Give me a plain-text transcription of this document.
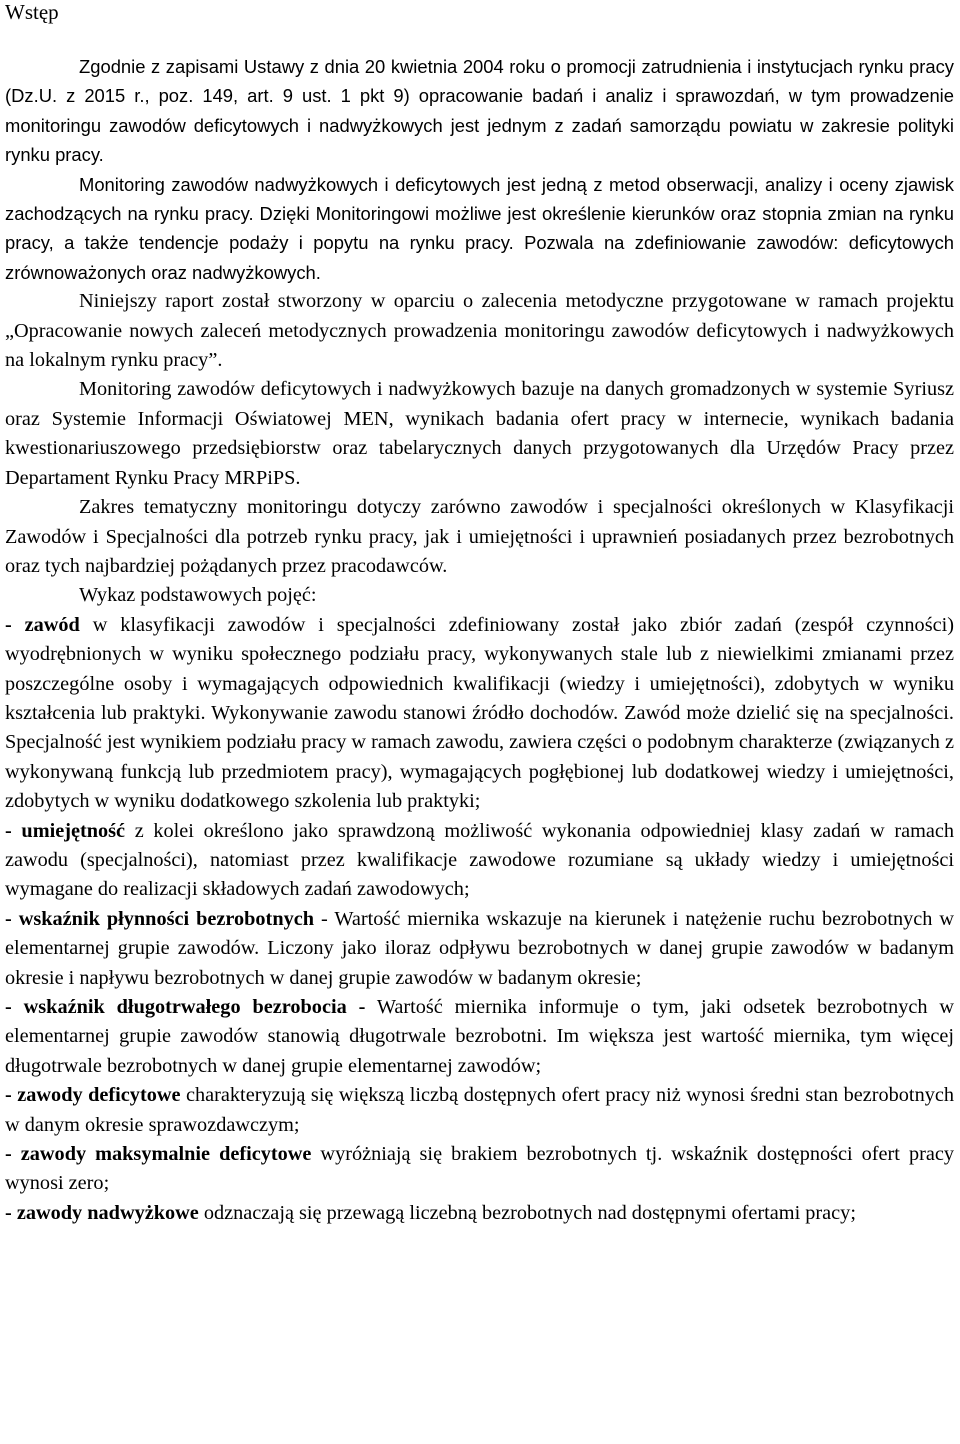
Wstęp

Zgodnie z zapisami Ustawy z dnia 20 kwietnia 2004 roku o promocji zatrudnienia i instytucjach rynku pracy (Dz.U. z 2015 r., poz. 149, art. 9 ust. 1 pkt 9) opracowanie badań i analiz i sprawozdań, w tym prowadzenie monitoringu zawodów deficytowych i nadwyżkowych jest jednym z zadań samorządu powiatu w zakresie polityki rynku pracy.

Monitoring zawodów nadwyżkowych i deficytowych jest jedną z metod obserwacji, analizy i oceny zjawisk zachodzących na rynku pracy. Dzięki Monitoringowi możliwe jest określenie kierunków oraz stopnia zmian na rynku pracy, a także tendencje podaży i popytu na rynku pracy. Pozwala na zdefiniowanie zawodów: deficytowych zrównoważonych oraz nadwyżkowych.

Niniejszy raport został stworzony w oparciu o zalecenia metodyczne przygotowane w ramach projektu „Opracowanie nowych zaleceń metodycznych prowadzenia monitoringu zawodów deficytowych i nadwyżkowych na lokalnym rynku pracy”.

Monitoring zawodów deficytowych i nadwyżkowych bazuje na danych gromadzonych w systemie Syriusz oraz Systemie Informacji Oświatowej MEN, wynikach badania ofert pracy w internecie, wynikach badania kwestionariuszowego przedsiębiorstw oraz tabelarycznych danych przygotowanych dla Urzędów Pracy przez Departament Rynku Pracy MRPiPS.

Zakres tematyczny monitoringu dotyczy zarówno zawodów i specjalności określonych w Klasyfikacji Zawodów i Specjalności dla potrzeb rynku pracy, jak i umiejętności i uprawnień posiadanych przez bezrobotnych oraz tych najbardziej pożądanych przez pracodawców.

Wykaz podstawowych pojęć:

- zawód w klasyfikacji zawodów i specjalności zdefiniowany został jako zbiór zadań (zespół czynności) wyodrębnionych w wyniku społecznego podziału pracy, wykonywanych stale lub z niewielkimi zmianami przez poszczególne osoby i wymagających odpowiednich kwalifikacji (wiedzy i umiejętności), zdobytych w wyniku kształcenia lub praktyki. Wykonywanie zawodu stanowi źródło dochodów. Zawód może dzielić się na specjalności. Specjalność jest wynikiem podziału pracy w ramach zawodu, zawiera części o podobnym charakterze (związanych z wykonywaną funkcją lub przedmiotem pracy), wymagających pogłębionej lub dodatkowej wiedzy i umiejętności, zdobytych w wyniku dodatkowego szkolenia lub praktyki;

- umiejętność z kolei określono jako sprawdzoną możliwość wykonania odpowiedniej klasy zadań w ramach zawodu (specjalności), natomiast przez kwalifikacje zawodowe rozumiane są układy wiedzy i umiejętności wymagane do realizacji składowych zadań zawodowych;

- wskaźnik płynności bezrobotnych - Wartość miernika wskazuje na kierunek i natężenie ruchu bezrobotnych w elementarnej grupie zawodów. Liczony jako iloraz odpływu bezrobotnych w danej grupie zawodów w badanym okresie i napływu bezrobotnych w danej grupie zawodów w badanym okresie;

- wskaźnik długotrwałego bezrobocia - Wartość miernika informuje o tym, jaki odsetek bezrobotnych w elementarnej grupie zawodów stanowią długotrwale bezrobotni. Im większa jest wartość miernika, tym więcej długotrwale bezrobotnych w danej grupie elementarnej zawodów;

- zawody deficytowe charakteryzują się większą liczbą dostępnych ofert pracy niż wynosi średni stan bezrobotnych w danym okresie sprawozdawczym;

- zawody maksymalnie deficytowe wyróżniają się brakiem bezrobotnych tj. wskaźnik dostępności ofert pracy wynosi zero;

- zawody nadwyżkowe odznaczają się przewagą liczebną bezrobotnych nad dostępnymi ofertami pracy;
